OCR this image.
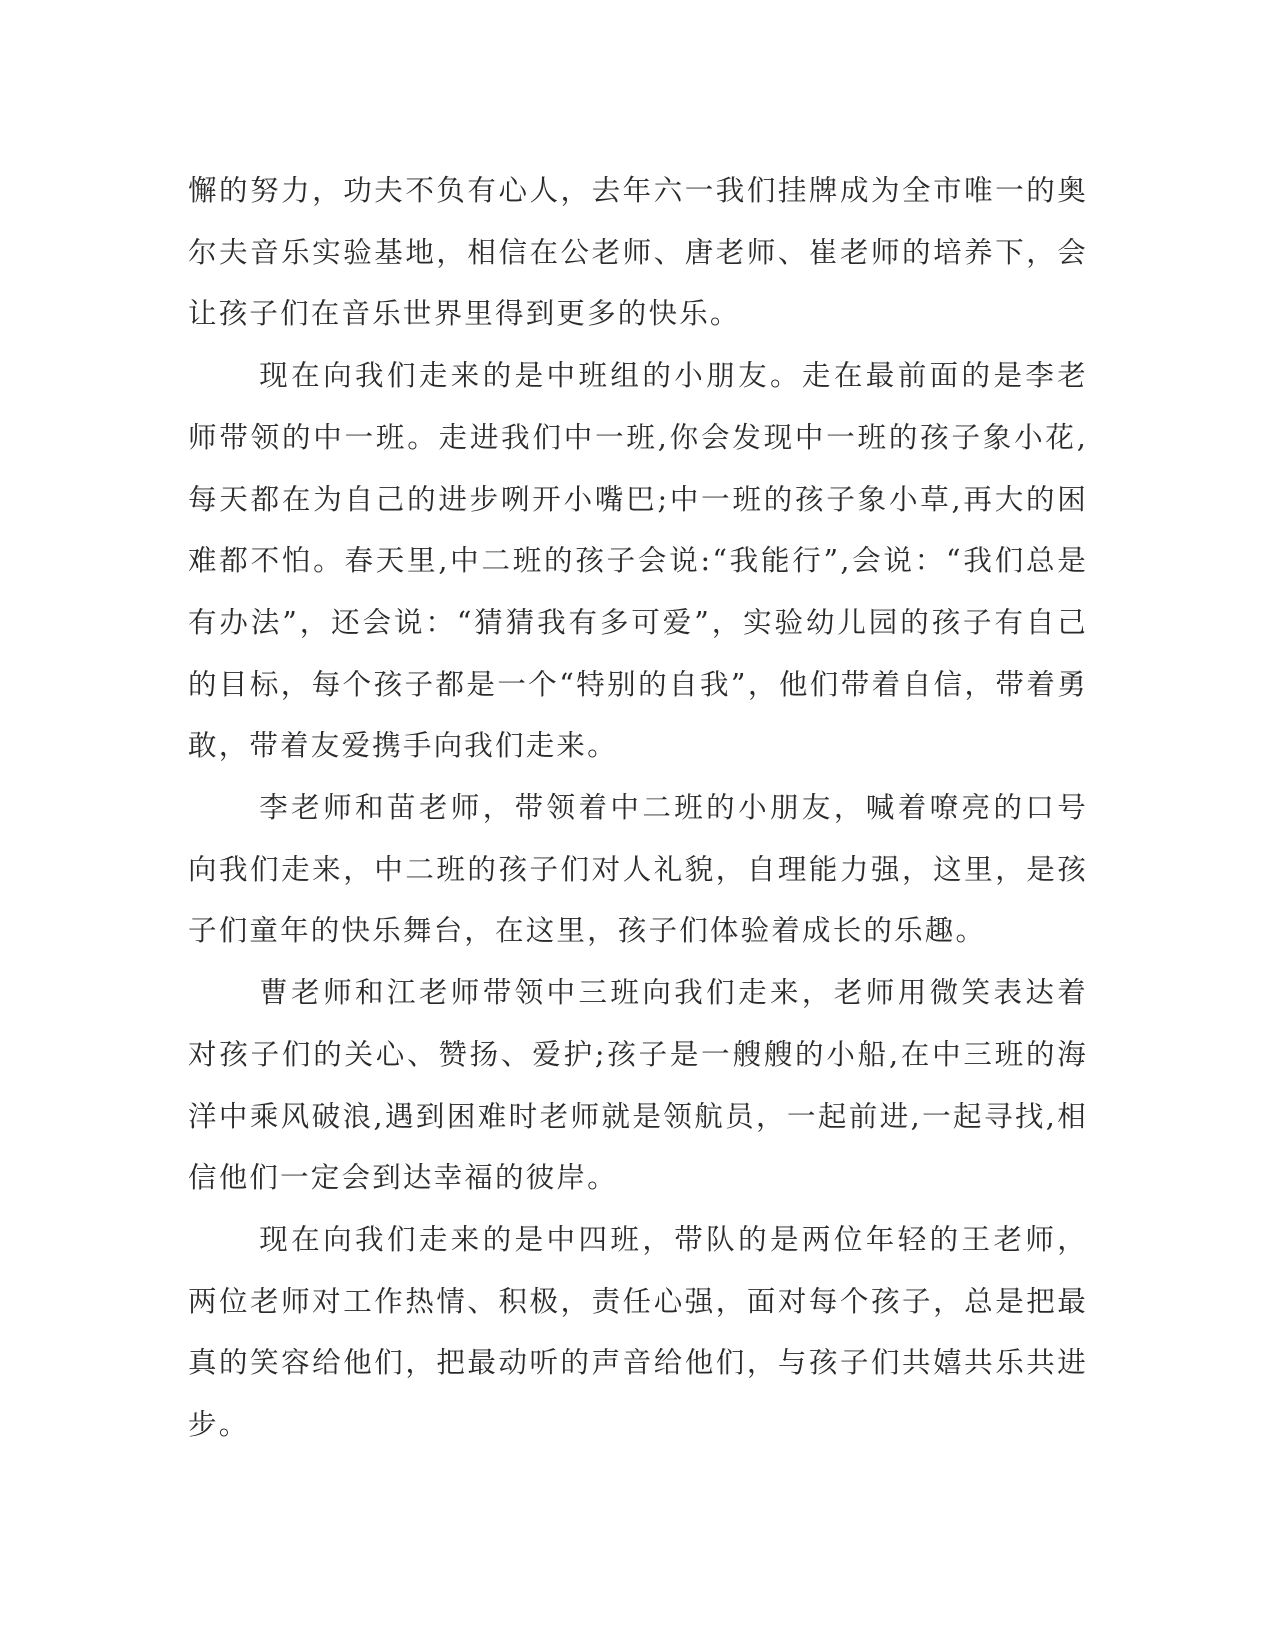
懈的努力，功夫不负有心人，去年六一我们挂牌成为全市唯一的奥尔夫音乐实验基地，相信在公老师、唐老师、崔老师的培养下，会让孩子们在音乐世界里得到更多的快乐。

现在向我们走来的是中班组的小朋友。走在最前面的是李老师带领的中一班。走进我们中一班,你会发现中一班的孩子象小花,每天都在为自己的进步咧开小嘴巴;中一班的孩子象小草,再大的困难都不怕。春天里,中二班的孩子会说:“我能行”,会说：“我们总是有办法”，还会说：“猜猜我有多可爱”，实验幼儿园的孩子有自己的目标，每个孩子都是一个“特别的自我”，他们带着自信，带着勇敢，带着友爱携手向我们走来。

李老师和苗老师，带领着中二班的小朋友，喊着嘹亮的口号向我们走来，中二班的孩子们对人礼貌，自理能力强，这里，是孩子们童年的快乐舞台，在这里，孩子们体验着成长的乐趣。

曹老师和江老师带领中三班向我们走来，老师用微笑表达着对孩子们的关心、赞扬、爱护;孩子是一艘艘的小船,在中三班的海洋中乘风破浪,遇到困难时老师就是领航员，一起前进,一起寻找,相信他们一定会到达幸福的彼岸。

现在向我们走来的是中四班，带队的是两位年轻的王老师，两位老师对工作热情、积极，责任心强，面对每个孩子，总是把最真的笑容给他们，把最动听的声音给他们，与孩子们共嬉共乐共进步。
